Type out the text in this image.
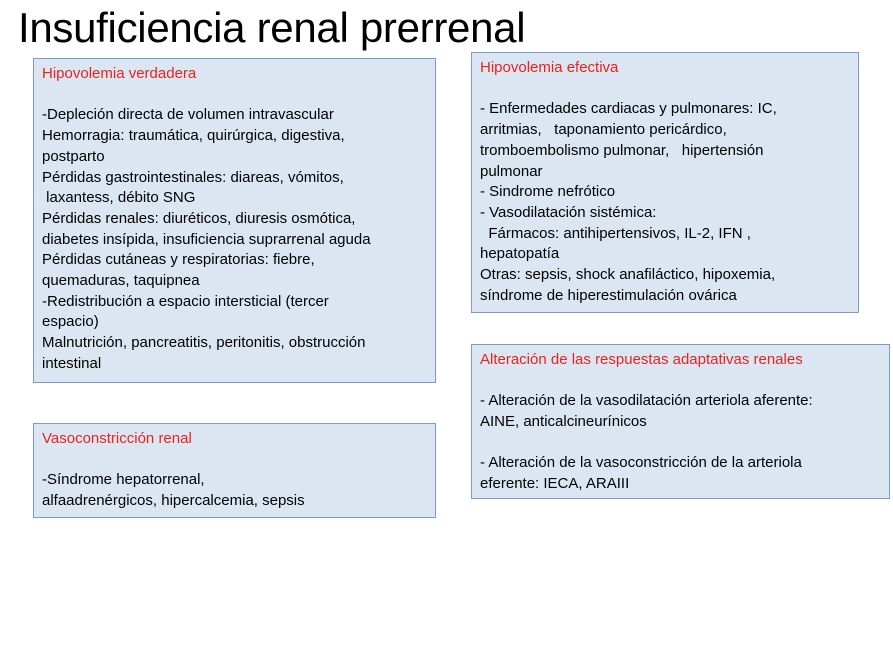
Insuficiencia renal prerrenal
Hipovolemia verdadera
-Depleción directa de volumen intravascular
Hemorragia: traumática, quirúrgica, digestiva,
postparto
Pérdidas gastrointestinales: diareas, vómitos,
laxantess, débito SNG
Pérdidas renales: diuréticos, diuresis osmótica,
diabetes insípida, insuficiencia suprarrenal aguda
Pérdidas cutáneas y respiratorias: fiebre,
quemaduras, taquipnea
-Redistribución a espacio intersticial (tercer
espacio)
Malnutrición, pancreatitis, peritonitis, obstrucción
intestinal
Vasoconstricción renal
-Síndrome hepatorrenal,
alfaadrenérgicos, hipercalcemia, sepsis
Hipovolemia efectiva
- Enfermedades cardiacas y pulmonares: IC,
arritmias,   taponamiento pericárdico,
tromboembolismo pulmonar,   hipertensión
pulmonar
- Sindrome nefrótico
- Vasodilatación sistémica:
Fármacos: antihipertensivos, IL-2, IFN ,
hepatopatía
Otras: sepsis, shock anafiláctico, hipoxemia,
síndrome de hiperestimulación ovárica
Alteración de las respuestas adaptativas renales
- Alteración de la vasodilatación arteriola aferente:
AINE, anticalcineurínicos
- Alteración de la vasoconstricción de la arteriola
eferente: IECA, ARAIII
